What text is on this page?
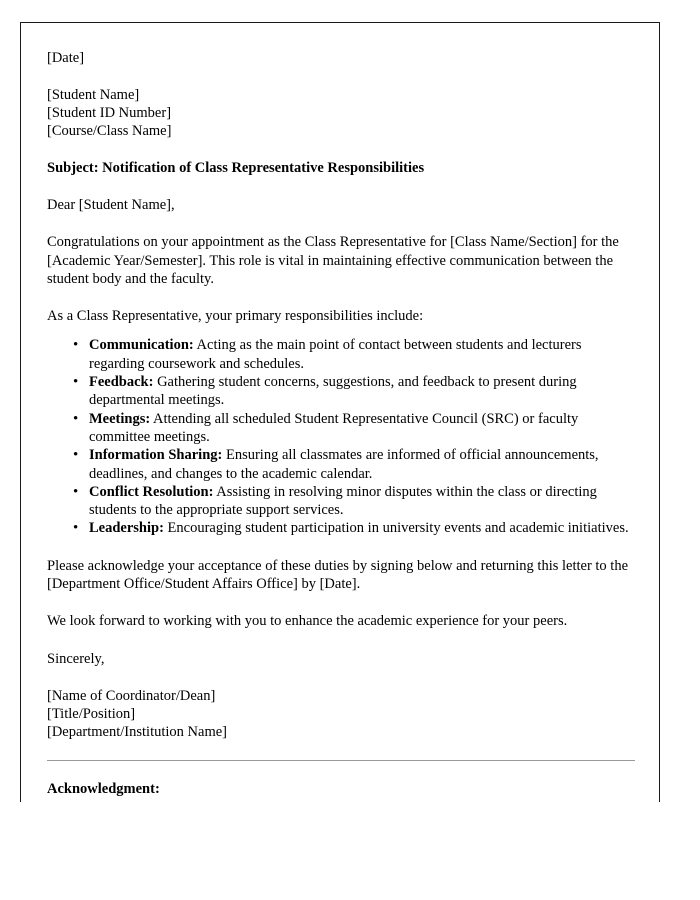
[Date]
[Student Name]
[Student ID Number]
[Course/Class Name]
Subject: Notification of Class Representative Responsibilities

Dear [Student Name],

Congratulations on your appointment as the Class Representative for [Class Name/Section] for the [Academic Year/Semester]. This role is vital in maintaining effective communication between the student body and the faculty.

As a Class Representative, your primary responsibilities include:

• Communication: Acting as the main point of contact between students and lecturers regarding coursework and schedules.
• Feedback: Gathering student concerns, suggestions, and feedback to present during departmental meetings.
• Meetings: Attending all scheduled Student Representative Council (SRC) or faculty committee meetings.
• Information Sharing: Ensuring all classmates are informed of official announcements, deadlines, and changes to the academic calendar.
• Conflict Resolution: Assisting in resolving minor disputes within the class or directing students to the appropriate support services.
• Leadership: Encouraging student participation in university events and academic initiatives.

Please acknowledge your acceptance of these duties by signing below and returning this letter to the [Department Office/Student Affairs Office] by [Date].

We look forward to working with you to enhance the academic experience for your peers.

Sincerely,

[Name of Coordinator/Dean]
[Title/Position]
[Department/Institution Name]
Acknowledgment:
